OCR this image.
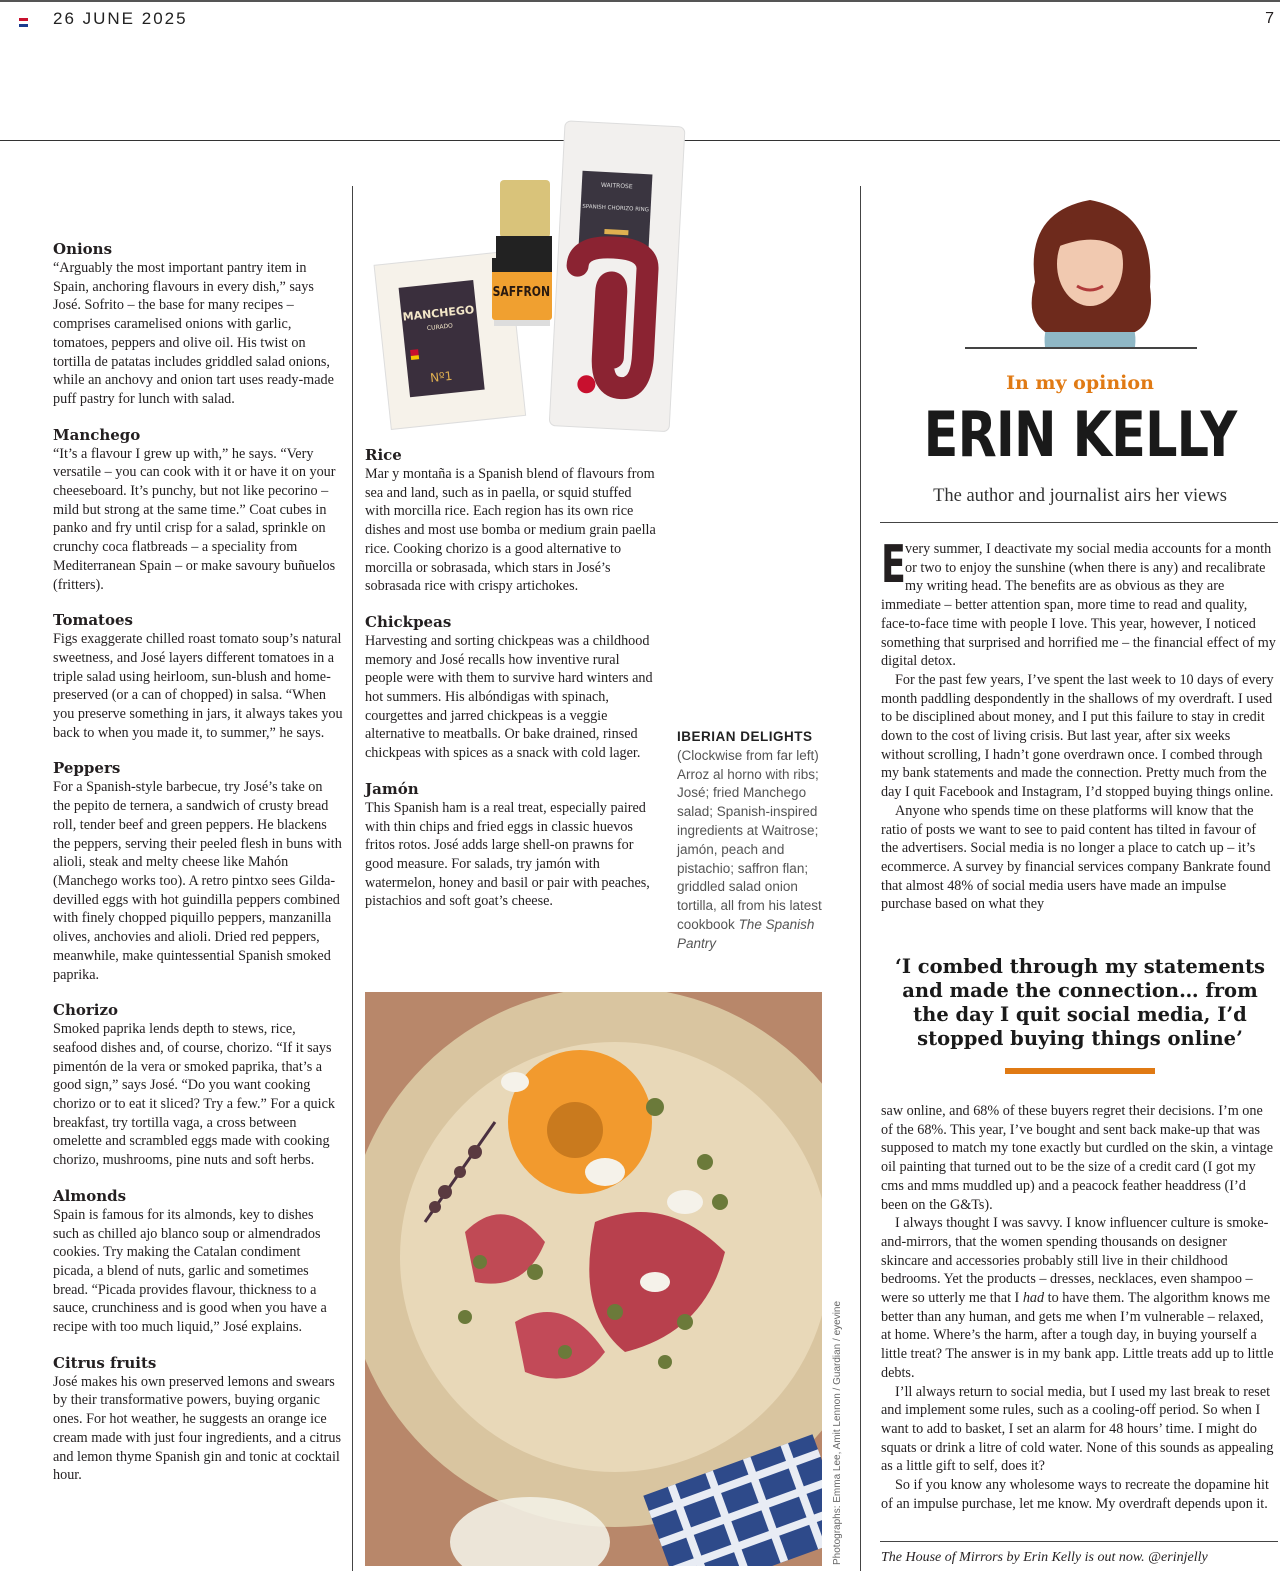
26 JUNE 2025	7
Onions

“Arguably the most important pantry item in Spain, anchoring flavours in every dish,” says José. Sofrito – the base for many recipes – comprises caramelised onions with garlic, tomatoes, peppers and olive oil. His twist on tortilla de patatas includes griddled salad onions, while an anchovy and onion tart uses ready-made puff pastry for lunch with salad.

Manchego

“It’s a flavour I grew up with,” he says. “Very versatile – you can cook with it or have it on your cheeseboard. It’s punchy, but not like pecorino – mild but strong at the same time.” Coat cubes in panko and fry until crisp for a salad, sprinkle on crunchy coca flatbreads – a speciality from Mediterranean Spain – or make savoury buñuelos (fritters).

Tomatoes

Figs exaggerate chilled roast tomato soup’s natural sweetness, and José layers different tomatoes in a triple salad using heirloom, sun-blush and home-preserved (or a can of chopped) in salsa. “When you preserve something in jars, it always takes you back to when you made it, to summer,” he says.

Peppers

For a Spanish-style barbecue, try José’s take on the pepito de ternera, a sandwich of crusty bread roll, tender beef and green peppers. He blackens the peppers, serving their peeled flesh in buns with alioli, steak and melty cheese like Mahón (Manchego works too). A retro pintxo sees Gilda-devilled eggs with hot guindilla peppers combined with finely chopped piquillo peppers, manzanilla olives, anchovies and alioli. Dried red peppers, meanwhile, make quintessential Spanish smoked paprika.

Chorizo

Smoked paprika lends depth to stews, rice, seafood dishes and, of course, chorizo. “If it says pimentón de la vera or smoked paprika, that’s a good sign,” says José. “Do you want cooking chorizo or to eat it sliced? Try a few.” For a quick breakfast, try tortilla vaga, a cross between omelette and scrambled eggs made with cooking chorizo, mushrooms, pine nuts and soft herbs.

Almonds

Spain is famous for its almonds, key to dishes such as chilled ajo blanco soup or almendrados cookies. Try making the Catalan condiment picada, a blend of nuts, garlic and sometimes bread. “Picada provides flavour, thickness to a sauce, crunchiness and is good when you have a recipe with too much liquid,” José explains.

Citrus fruits

José makes his own preserved lemons and swears by their transformative powers, buying organic ones. For hot weather, he suggests an orange ice cream made with just four ingredients, and a citrus and lemon thyme Spanish gin and tonic at cocktail hour.

MANCHEGO
CURADO
Nº1
SAFFRON
WAITROSE
SPANISH CHORIZO RING
Rice

Mar y montaña is a Spanish blend of flavours from sea and land, such as in paella, or squid stuffed with morcilla rice. Each region has its own rice dishes and most use bomba or medium grain paella rice. Cooking chorizo is a good alternative to morcilla or sobrasada, which stars in José’s sobrasada rice with crispy artichokes.

Chickpeas

Harvesting and sorting chickpeas was a childhood memory and José recalls how inventive rural people were with them to survive hard winters and hot summers. His albóndigas with spinach, courgettes and jarred chickpeas is a veggie alternative to meatballs. Or bake drained, rinsed chickpeas with spices as a snack with cold lager.

Jamón

This Spanish ham is a real treat, especially paired with thin chips and fried eggs in classic huevos fritos rotos. José adds large shell-on prawns for good measure. For salads, try jamón with watermelon, honey and basil or pair with peaches, pistachios and soft goat’s cheese.

IBERIAN DELIGHTS
(Clockwise from far left) Arroz al horno with ribs; José; fried Manchego salad; Spanish-inspired ingredients at Waitrose; jamón, peach and pistachio; saffron flan; griddled salad onion tortilla, all from his latest cookbook The Spanish Pantry
Photographs: Emma Lee, Amit Lennon / Guardian / eyevine
In my opinion
ERIN KELLY
The author and journalist airs her views

Every summer, I deactivate my social media accounts for a month or two to enjoy the sunshine (when there is any) and recalibrate my writing head. The benefits are as obvious as they are immediate – better attention span, more time to read and quality, face-to-face time with people I love. This year, however, I noticed something that surprised and horrified me – the financial effect of my digital detox.

For the past few years, I’ve spent the last week to 10 days of every month paddling despondently in the shallows of my overdraft. I used to be disciplined about money, and I put this failure to stay in credit down to the cost of living crisis. But last year, after six weeks without scrolling, I hadn’t gone overdrawn once. I combed through my bank statements and made the connection. Pretty much from the day I quit Facebook and Instagram, I’d stopped buying things online.

Anyone who spends time on these platforms will know that the ratio of posts we want to see to paid content has tilted in favour of the advertisers. Social media is no longer a place to catch up – it’s ecommerce. A survey by financial services company Bankrate found that almost 48% of social media users have made an impulse purchase based on what they

‘I combed through my statements and made the connection… from the day I quit social media, I’d stopped buying things online’

saw online, and 68% of these buyers regret their decisions. I’m one of the 68%. This year, I’ve bought and sent back make-up that was supposed to match my tone exactly but curdled on the skin, a vintage oil painting that turned out to be the size of a credit card (I got my cms and mms muddled up) and a peacock feather headdress (I’d been on the G&Ts).

I always thought I was savvy. I know influencer culture is smoke-and-mirrors, that the women spending thousands on designer skincare and accessories probably still live in their childhood bedrooms. Yet the products – dresses, necklaces, even shampoo – were so utterly me that I had to have them. The algorithm knows me better than any human, and gets me when I’m vulnerable – relaxed, at home. Where’s the harm, after a tough day, in buying yourself a little treat? The answer is in my bank app. Little treats add up to little debts.

I’ll always return to social media, but I used my last break to reset and implement some rules, such as a cooling-off period. So when I want to add to basket, I set an alarm for 48 hours’ time. I might do squats or drink a litre of cold water. None of this sounds as appealing as a little gift to self, does it?

So if you know any wholesome ways to recreate the dopamine hit of an impulse purchase, let me know. My overdraft depends upon it.

The House of Mirrors by Erin Kelly is out now. @erinjelly
